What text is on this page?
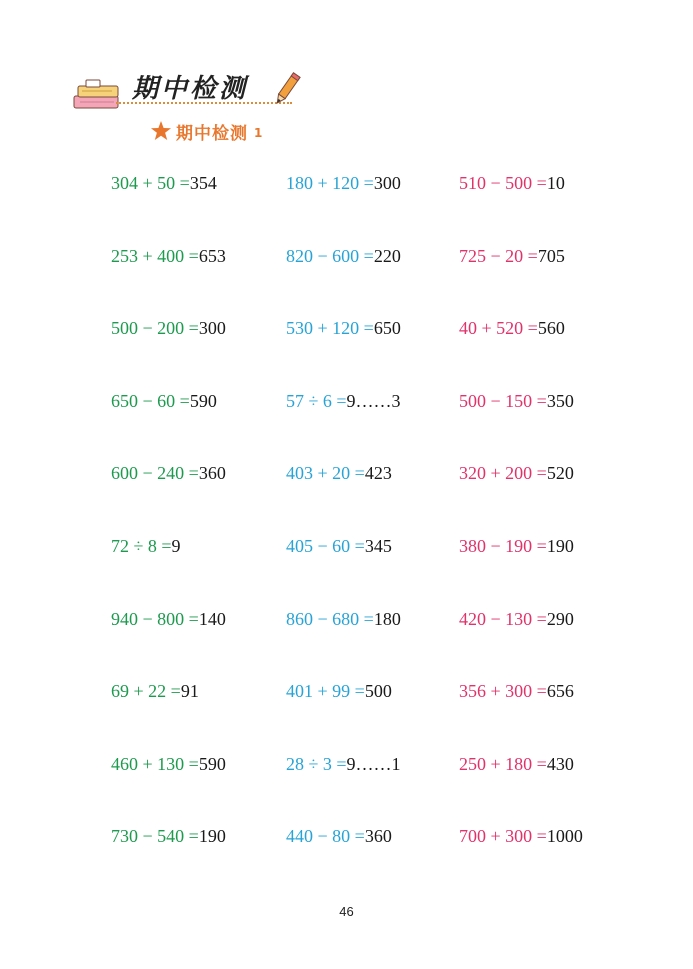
期中检测
期中检测 1
304 + 50 =354	180 + 120 =300	510 − 500 =10
253 + 400 =653	820 − 600 =220	725 − 20 =705
500 − 200 =300	530 + 120 =650	40 + 520 =560
650 − 60 =590	57 ÷ 6 =9……3	500 − 150 =350
600 − 240 =360	403 + 20 =423	320 + 200 =520
72 ÷ 8 =9	405 − 60 =345	380 − 190 =190
940 − 800 =140	860 − 680 =180	420 − 130 =290
69 + 22 =91	401 + 99 =500	356 + 300 =656
460 + 130 =590	28 ÷ 3 =9……1	250 + 180 =430
730 − 540 =190	440 − 80 =360	700 + 300 =1000
46
